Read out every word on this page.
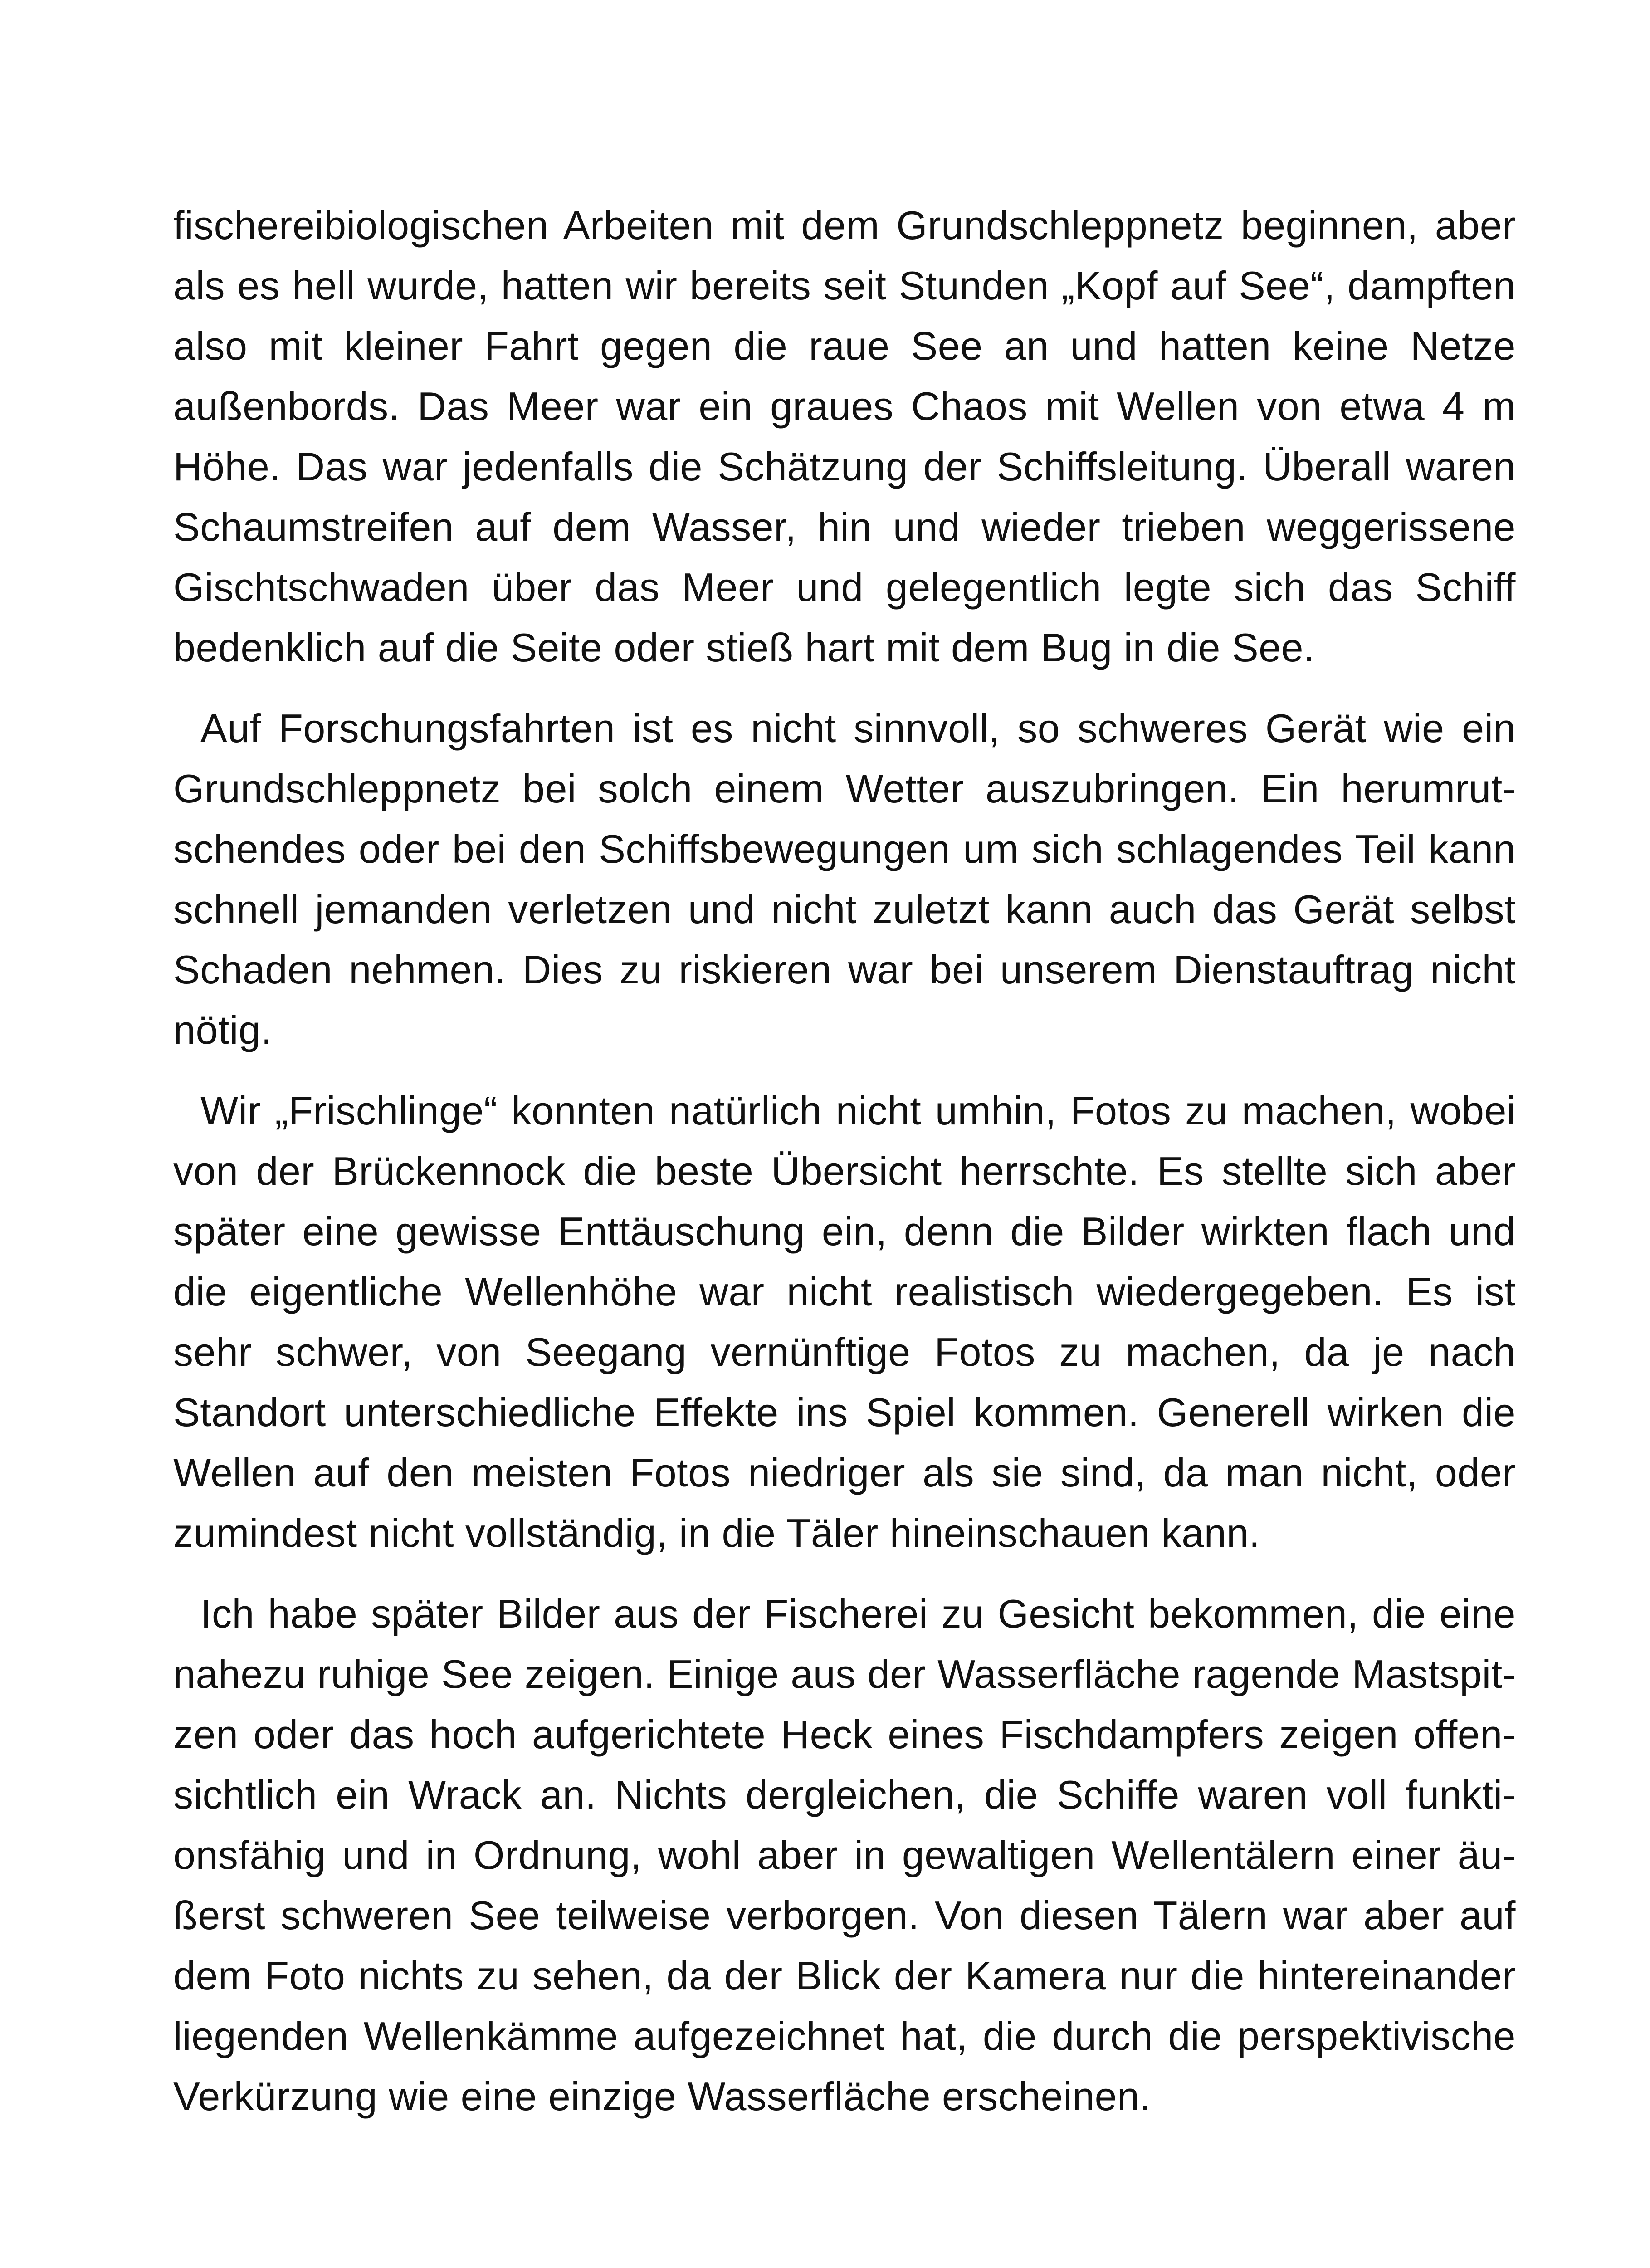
fischereibiologischen Arbeiten mit dem Grundschleppnetz beginnen, aber als es hell wurde, hatten wir bereits seit Stunden „Kopf auf See“, dampften also mit kleiner Fahrt gegen die raue See an und hatten keine Netze außenbords. Das Meer war ein graues Chaos mit Wellen von etwa 4 m Höhe. Das war jedenfalls die Schätzung der Schiffsleitung. Überall waren Schaumstreifen auf dem Wasser, hin und wieder trieben weggerissene Gischtschwaden über das Meer und gelegentlich legte sich das Schiff bedenklich auf die Seite oder stieß hart mit dem Bug in die See.

Auf Forschungsfahrten ist es nicht sinnvoll, so schweres Gerät wie ein Grundschleppnetz bei solch einem Wetter auszubringen. Ein herumrutschendes oder bei den Schiffsbewegungen um sich schlagendes Teil kann schnell jemanden verletzen und nicht zuletzt kann auch das Gerät selbst Schaden nehmen. Dies zu riskieren war bei unserem Dienstauftrag nicht nötig.

Wir „Frischlinge“ konnten natürlich nicht umhin, Fotos zu machen, wobei von der Brückennock die beste Übersicht herrschte. Es stellte sich aber später eine gewisse Enttäuschung ein, denn die Bilder wirkten flach und die eigentliche Wellenhöhe war nicht realistisch wiedergegeben. Es ist sehr schwer, von Seegang vernünftige Fotos zu machen, da je nach Standort unterschiedliche Effekte ins Spiel kommen. Generell wirken die Wellen auf den meisten Fotos niedriger als sie sind, da man nicht, oder zumindest nicht vollständig, in die Täler hineinschauen kann.

Ich habe später Bilder aus der Fischerei zu Gesicht bekommen, die eine nahezu ruhige See zeigen. Einige aus der Wasserfläche ragende Mastspitzen oder das hoch aufgerichtete Heck eines Fischdampfers zeigen offensichtlich ein Wrack an. Nichts dergleichen, die Schiffe waren voll funktionsfähig und in Ordnung, wohl aber in gewaltigen Wellentälern einer äußerst schweren See teilweise verborgen. Von diesen Tälern war aber auf dem Foto nichts zu sehen, da der Blick der Kamera nur die hintereinander liegenden Wellenkämme aufgezeichnet hat, die durch die perspektivische Verkürzung wie eine einzige Wasserfläche erscheinen.
